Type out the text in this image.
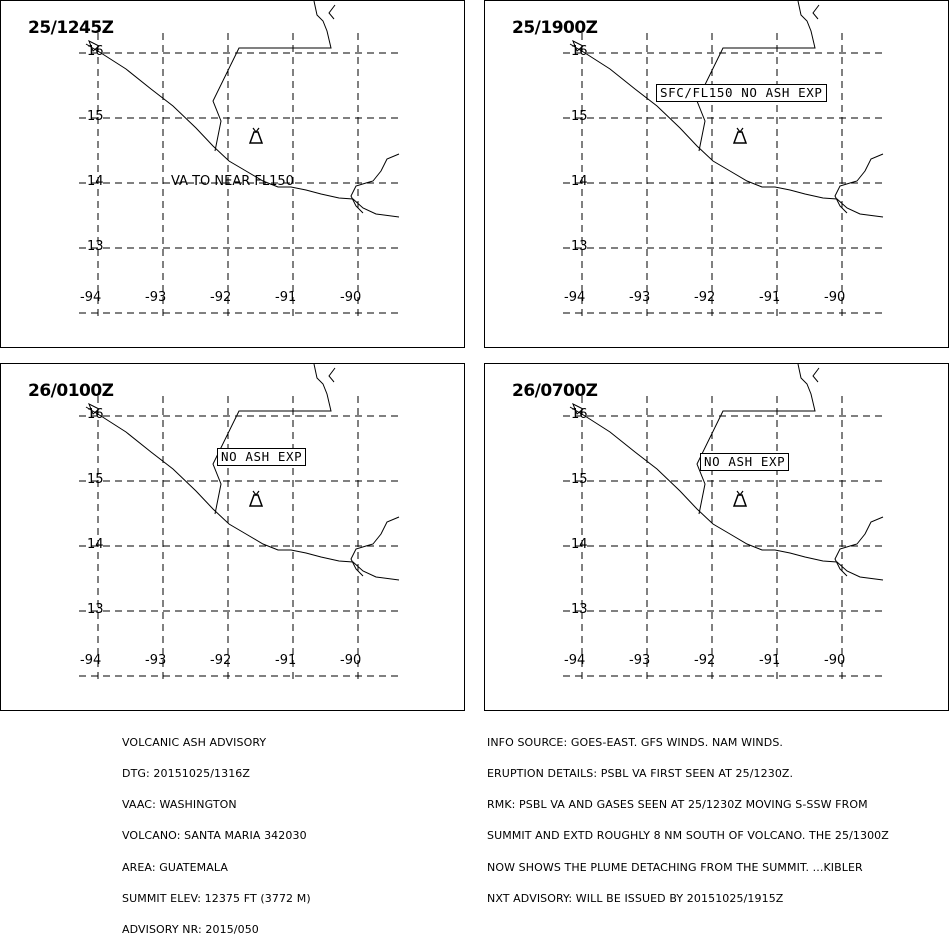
25/1245Z
VA TO NEAR FL150
16
15
14
13
-94	-93	-92	-91	-90
25/1900Z
SFC/FL150 NO ASH EXP
16
15
14
13
-94	-93	-92	-91	-90
26/0100Z
NO ASH EXP
16
15
14
13
-94	-93	-92	-91	-90
26/0700Z
NO ASH EXP
16
15
14
13
-94	-93	-92	-91	-90

VOLCANIC ASH ADVISORY

DTG: 20151025/1316Z

VAAC: WASHINGTON

VOLCANO: SANTA MARIA 342030

AREA: GUATEMALA

SUMMIT ELEV: 12375 FT (3772 M)

ADVISORY NR: 2015/050

INFO SOURCE: GOES-EAST. GFS WINDS. NAM WINDS.

ERUPTION DETAILS: PSBL VA FIRST SEEN AT 25/1230Z.

RMK: PSBL VA AND GASES SEEN AT 25/1230Z MOVING S-SSW FROM

SUMMIT AND EXTD ROUGHLY 8 NM SOUTH OF VOLCANO. THE 25/1300Z

NOW SHOWS THE PLUME DETACHING FROM THE SUMMIT. ...KIBLER

NXT ADVISORY: WILL BE ISSUED BY 20151025/1915Z
